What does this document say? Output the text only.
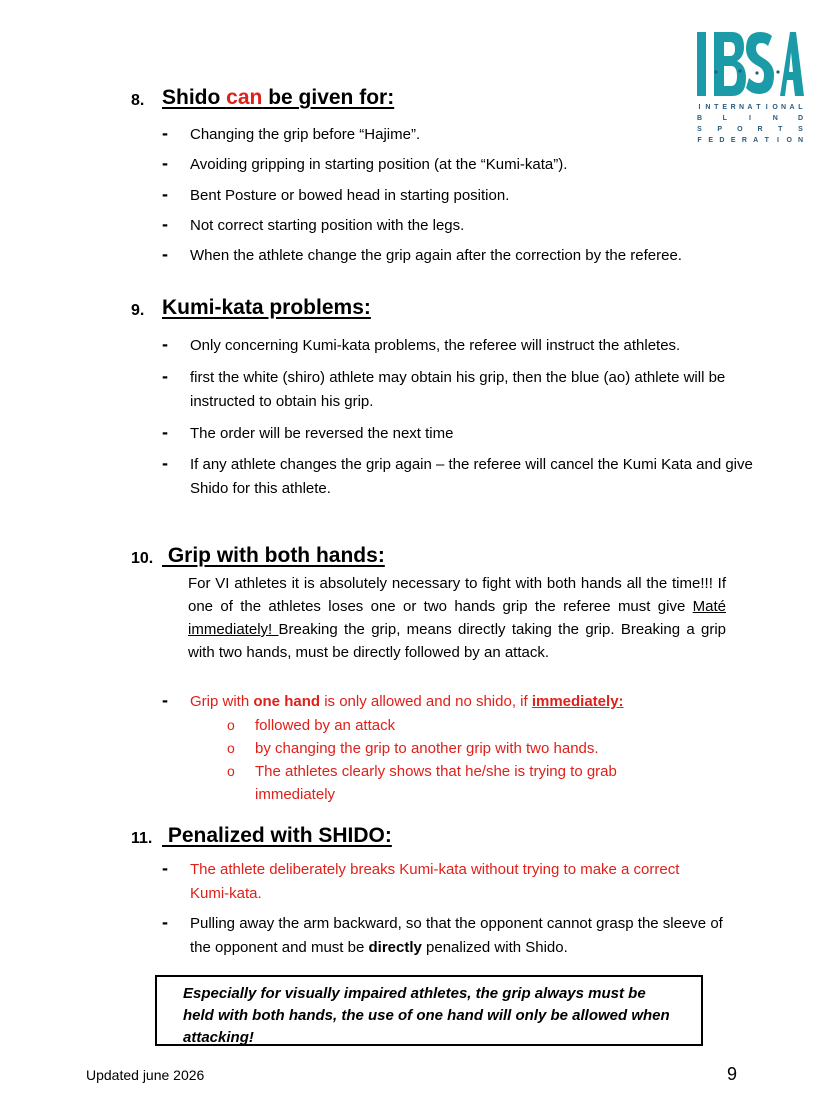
I N T E R N A T I O N A L
B	L	I	N	D
S P O R T S
F E D E R A T	I	O N
8. Shido can be given for:
- Changing the grip before “Hajime”.
- Avoiding gripping in starting position (at the “Kumi-kata”).
- Bent Posture or bowed head in starting position.
- Not correct starting position with the legs.
- When the athlete change the grip again after the correction by the referee.
9. Kumi-kata problems:
- Only concerning Kumi-kata problems, the referee will instruct the athletes.
- first the white (shiro) athlete may obtain his grip, then the blue (ao) athlete will be instructed to obtain his grip.
- The order will be reversed the next time
- If any athlete changes the grip again – the referee will cancel the Kumi Kata and give Shido for this athlete.
10. Grip with both hands:
For VI athletes it is absolutely necessary to fight with both hands all the time!!! If one of the athletes loses one or two hands grip the referee must give Maté immediately! Breaking the grip, means directly taking the grip. Breaking a grip with two hands, must be directly followed by an attack.
- Grip with one hand is only allowed and no shido, if immediately:
o followed by an attack
o by changing the grip to another grip with two hands.
o The athletes clearly shows that he/she is trying to grab immediately
11. Penalized with SHIDO:
- The athlete deliberately breaks Kumi-kata without trying to make a correct Kumi-kata.
- Pulling away the arm backward, so that the opponent cannot grasp the sleeve of the opponent and must be directly penalized with Shido.
Especially for visually impaired athletes, the grip always must be held with both hands, the use of one hand will only be allowed when attacking!
Updated june 2026	9
